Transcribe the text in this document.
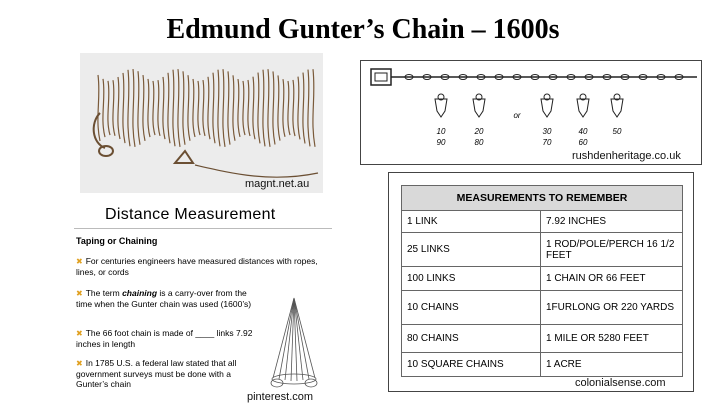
Edmund Gunter’s Chain – 1600s
magnt.net.au
10
90
20
80
or
30
70
40
60
50
rushdenheritage.co.uk
Distance Measurement
Taping or Chaining
✖ For centuries engineers have measured distances with ropes, lines, or cords
✖ The term chaining is a carry-over from the time when the Gunter chain was used (1600’s)
✖ The 66 foot chain is made of ____ links 7.92 inches in length
✖ In 1785 U.S. a federal law stated that all government surveys must be done with a Gunter’s chain
pinterest.com
MEASUREMENTS TO REMEMBER	
1 LINK	7.92 INCHES
25 LINKS	1 ROD/POLE/PERCH 16 1/2 FEET
100 LINKS	1 CHAIN OR 66 FEET
10 CHAINS	1FURLONG OR 220 YARDS
80 CHAINS	1 MILE OR 5280 FEET
10 SQUARE CHAINS	1 ACRE
colonialsense.com
